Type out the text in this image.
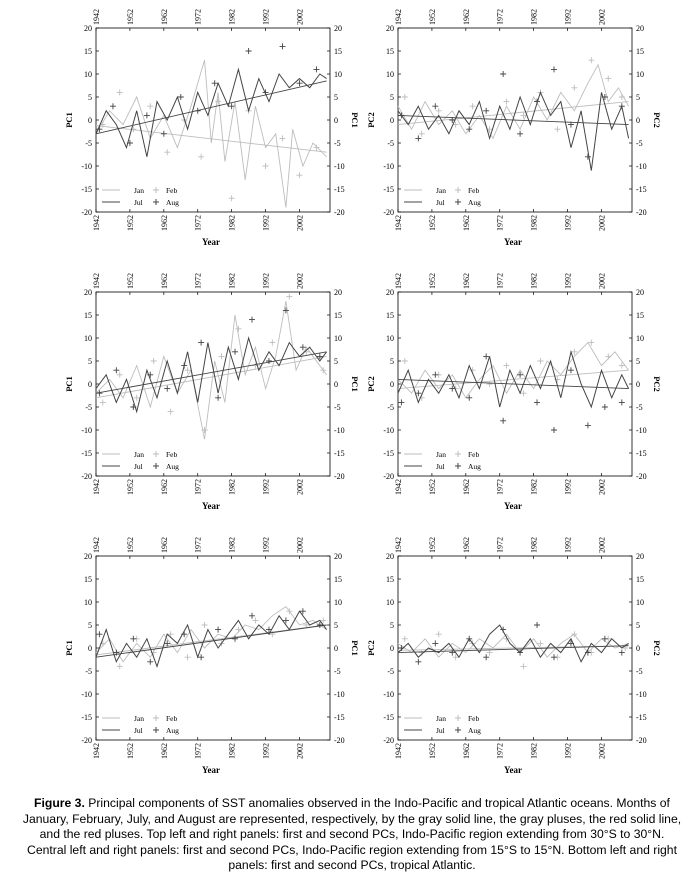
-20	-20
-15	-15
-10	-10
-5	-5
0	0
5	5
10	10
15	15
20	20
1942
1942
1952
1952
1962
1962
1972
1972
1982
1982
1992
1992
2002
2002
PC1	PC1
Year
Jan	Feb
Jul	Aug
-20	-20
-15	-15
-10	-10
-5	-5
0	0
5	5
10	10
15	15
20	20
1942
1942
1952
1952
1962
1962
1972
1972
1982
1982
1992
1992
2002
2002
PC2	PC2
Year
Jan	Feb
Jul	Aug
-20	-20
-15	-15
-10	-10
-5	-5
0	0
5	5
10	10
15	15
20	20
1942
1942
1952
1952
1962
1962
1972
1972
1982
1982
1992
1992
2002
2002
PC1	PC1
Year
Jan	Feb
Jul	Aug
-20	-20
-15	-15
-10	-10
-5	-5
0	0
5	5
10	10
15	15
20	20
1942
1942
1952
1952
1962
1962
1972
1972
1982
1982
1992
1992
2002
2002
PC2	PC2
Year
Jan	Feb
Jul	Aug
-20	-20
-15	-15
-10	-10
-5	-5
0	0
5	5
10	10
15	15
20	20
1942
1942
1952
1952
1962
1962
1972
1972
1982
1982
1992
1992
2002
2002
PC1	PC1
Year
Jan	Feb
Jul	Aug
-20	-20
-15	-15
-10	-10
-5	-5
0	0
5	5
10	10
15	15
20	20
1942
1942
1952
1952
1962
1962
1972
1972
1982
1982
1992
1992
2002
2002
PC2	PC2
Year
Jan	Feb
Jul	Aug
Figure 3. Principal components of SST anomalies observed in the Indo-Pacific and tropical Atlantic oceans. Months of January, February, July, and August are represented, respectively, by the gray solid line, the gray pluses, the red solid line, and the red pluses. Top left and right panels: first and second PCs, Indo-Pacific region extending from 30°S to 30°N. Central left and right panels: first and second PCs, Indo-Pacific region extending from 15°S to 15°N. Bottom left and right panels: first and second PCs, tropical Atlantic.
